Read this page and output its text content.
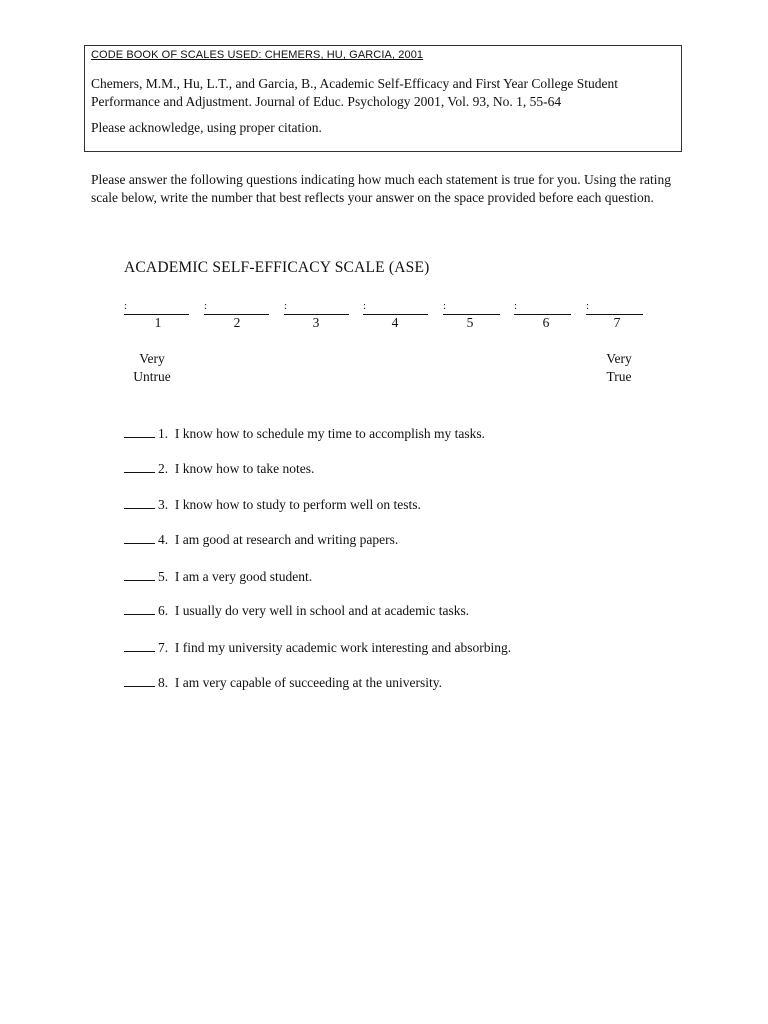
CODE BOOK OF SCALES USED: CHEMERS, HU, GARCIA, 2001
Chemers, M.M., Hu, L.T., and Garcia, B., Academic Self-Efficacy and First Year College Student Performance and Adjustment. Journal of Educ. Psychology 2001, Vol. 93, No. 1, 55-64
Please acknowledge, using proper citation.
Please answer the following questions indicating how much each statement is true for you. Using the rating scale below, write the number that best reflects your answer on the space provided before each question.
ACADEMIC SELF-EFFICACY SCALE (ASE)
:	:	:	:	:	:	:
1	2	3	4	5	6	7
Very
Untrue
Very
True
1. I know how to schedule my time to accomplish my tasks.
2. I know how to take notes.
3. I know how to study to perform well on tests.
4. I am good at research and writing papers.
5. I am a very good student.
6. I usually do very well in school and at academic tasks.
7. I find my university academic work interesting and absorbing.
8. I am very capable of succeeding at the university.
